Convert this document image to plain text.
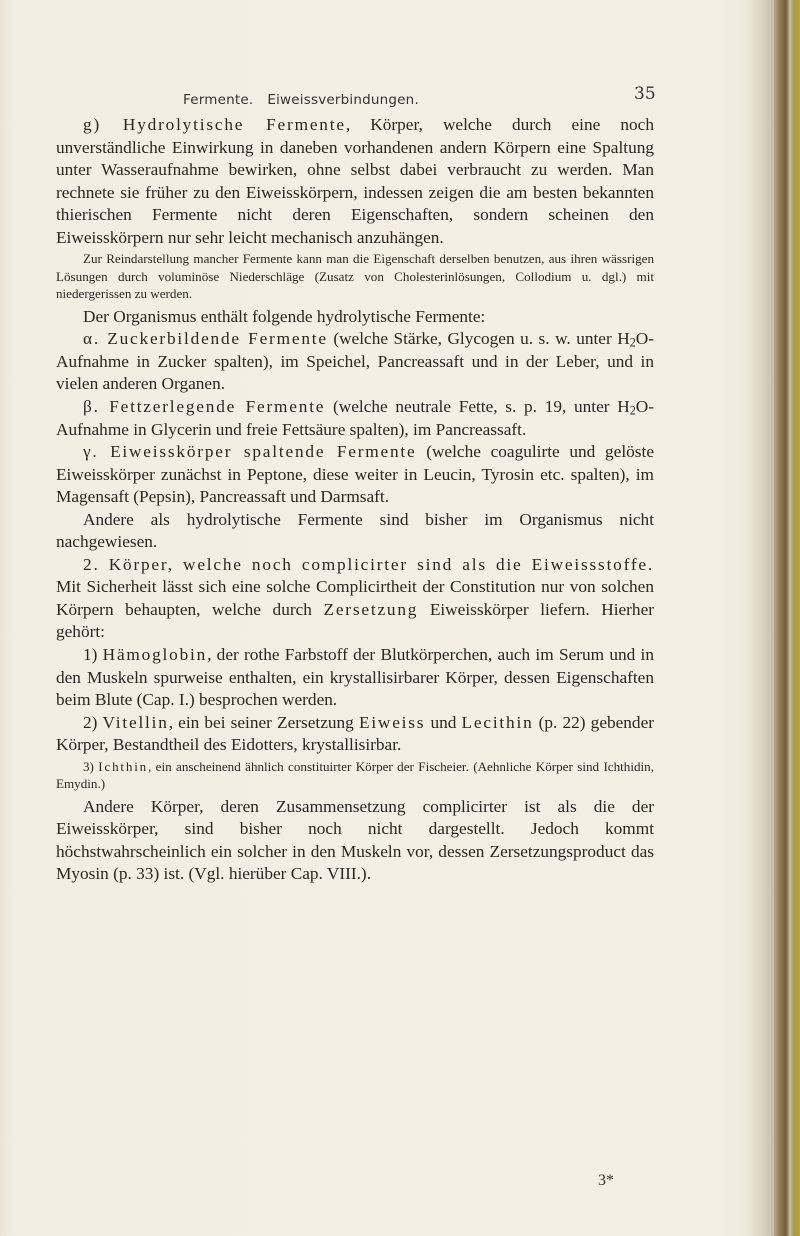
Fermente. Eiweissverbindungen.	35

g) Hydrolytische Fermente, Körper, welche durch eine noch unverständliche Einwirkung in daneben vorhandenen andern Körpern eine Spaltung unter Wasseraufnahme bewirken, ohne selbst dabei verbraucht zu werden. Man rechnete sie früher zu den Eiweisskörpern, indessen zeigen die am besten bekannten thierischen Fermente nicht deren Eigenschaften, sondern scheinen den Eiweisskörpern nur sehr leicht mechanisch anzuhängen.

Zur Reindarstellung mancher Fermente kann man die Eigenschaft derselben benutzen, aus ihren wässrigen Lösungen durch voluminöse Niederschläge (Zusatz von Cholesterinlösungen, Collodium u. dgl.) mit niedergerissen zu werden.

Der Organismus enthält folgende hydrolytische Fermente:

α. Zuckerbildende Fermente (welche Stärke, Glycogen u. s. w. unter $H_2O$-Aufnahme in Zucker spalten), im Speichel, Pancreassaft und in der Leber, und in vielen anderen Organen.

β. Fettzerlegende Fermente (welche neutrale Fette, s. p. 19, unter $H_2O$-Aufnahme in Glycerin und freie Fettsäure spalten), im Pancreassaft.

γ. Eiweisskörper spaltende Fermente (welche coagulirte und gelöste Eiweisskörper zunächst in Peptone, diese weiter in Leucin, Tyrosin etc. spalten), im Magensaft (Pepsin), Pancreassaft und Darmsaft.

Andere als hydrolytische Fermente sind bisher im Organismus nicht nachgewiesen.

2. Körper, welche noch complicirter sind als die Eiweissstoffe. Mit Sicherheit lässt sich eine solche Complicirtheit der Constitution nur von solchen Körpern behaupten, welche durch Zersetzung Eiweisskörper liefern. Hierher gehört:

1) Hämoglobin, der rothe Farbstoff der Blutkörperchen, auch im Serum und in den Muskeln spurweise enthalten, ein krystallisirbarer Körper, dessen Eigenschaften beim Blute (Cap. I.) besprochen werden.

2) Vitellin, ein bei seiner Zersetzung Eiweiss und Lecithin (p. 22) gebender Körper, Bestandtheil des Eidotters, krystallisirbar.

3) Ichthin, ein anscheinend ähnlich constituirter Körper der Fischeier. (Aehnliche Körper sind Ichthidin, Emydin.)

Andere Körper, deren Zusammensetzung complicirter ist als die der Eiweisskörper, sind bisher noch nicht dargestellt. Jedoch kommt höchstwahrscheinlich ein solcher in den Muskeln vor, dessen Zersetzungsproduct das Myosin (p. 33) ist. (Vgl. hierüber Cap. VIII.).

3*
